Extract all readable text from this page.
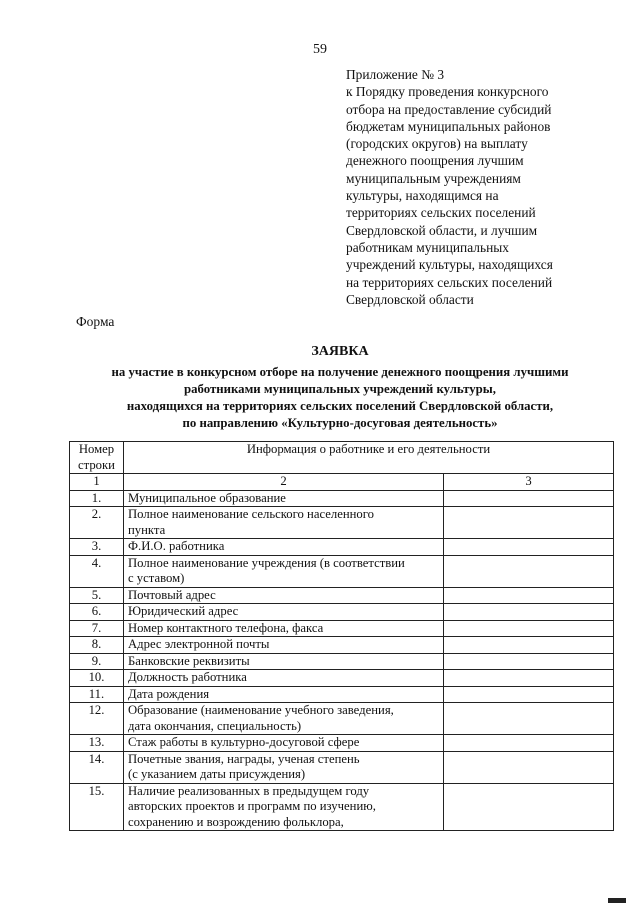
59
Приложение № 3
к Порядку проведения конкурсного
отбора на предоставление субсидий
бюджетам муниципальных районов
(городских округов) на выплату
денежного поощрения лучшим
муниципальным учреждениям
культуры, находящимся на
территориях сельских поселений
Свердловской области, и лучшим
работникам муниципальных
учреждений культуры, находящихся
на территориях сельских поселений
Свердловской области
Форма
ЗАЯВКА
на участие в конкурсном отборе на получение денежного поощрения лучшими
работниками муниципальных учреждений культуры,
находящихся на территориях сельских поселений Свердловской области,
по направлению «Культурно-досуговая деятельность»
Номер
строки	Информация о работнике и его деятельности	
1	2	3
1.	Муниципальное образование	

2.	Полное наименование сельского населенного
пункта	

3.	Ф.И.О. работника	

4.	Полное наименование учреждения (в соответствии
с уставом)	

5.	Почтовый адрес	

6.	Юридический адрес	

7.	Номер контактного телефона, факса	

8.	Адрес электронной почты	

9.	Банковские реквизиты	

10.	Должность работника	

11.	Дата рождения	

12.	Образование (наименование учебного заведения,
дата окончания, специальность)	

13.	Стаж работы в культурно-досуговой сфере	

14.	Почетные звания, награды, ученая степень
(с указанием даты присуждения)	

15.	Наличие реализованных в предыдущем году
авторских проектов и программ по изучению,
сохранению и возрождению фольклора,	
